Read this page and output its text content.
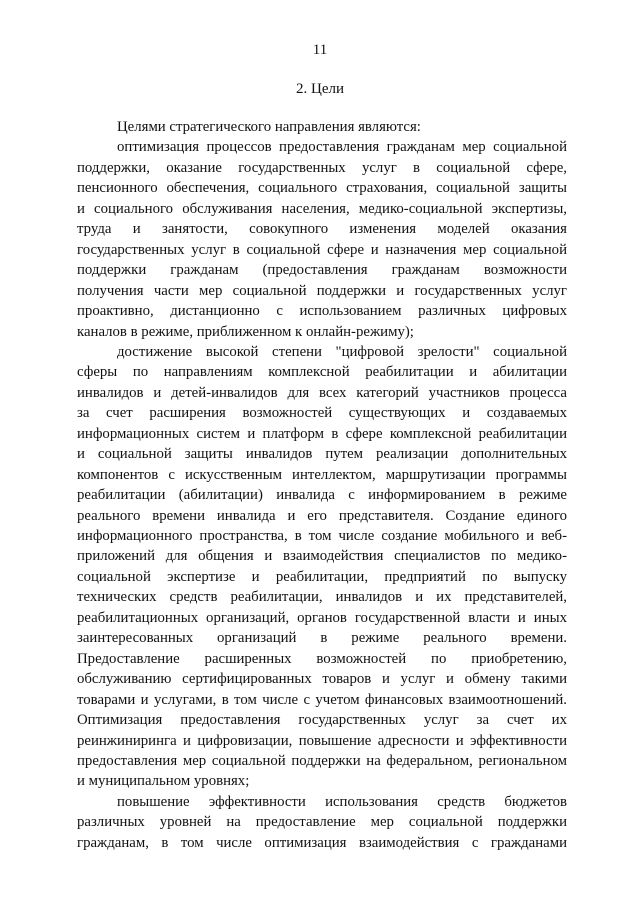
11
2. Цели
Целями стратегического направления являются:
оптимизация процессов предоставления гражданам мер социальной
поддержки, оказание государственных услуг в социальной сфере,
пенсионного обеспечения, социального страхования, социальной защиты
и социального обслуживания населения, медико-социальной экспертизы,
труда и занятости, совокупного изменения моделей оказания
государственных услуг в социальной сфере и назначения мер социальной
поддержки гражданам (предоставления гражданам возможности
получения части мер социальной поддержки и государственных услуг
проактивно, дистанционно с использованием различных цифровых
каналов в режиме, приближенном к онлайн-режиму);
достижение высокой степени "цифровой зрелости" социальной
сферы по направлениям комплексной реабилитации и абилитации
инвалидов и детей-инвалидов для всех категорий участников процесса
за счет расширения возможностей существующих и создаваемых
информационных систем и платформ в сфере комплексной реабилитации
и социальной защиты инвалидов путем реализации дополнительных
компонентов с искусственным интеллектом, маршрутизации программы
реабилитации (абилитации) инвалида с информированием в режиме
реального времени инвалида и его представителя. Создание единого
информационного пространства, в том числе создание мобильного и веб-
приложений для общения и взаимодействия специалистов по медико-
социальной экспертизе и реабилитации, предприятий по выпуску
технических средств реабилитации, инвалидов и их представителей,
реабилитационных организаций, органов государственной власти и иных
заинтересованных организаций в режиме реального времени.
Предоставление расширенных возможностей по приобретению,
обслуживанию сертифицированных товаров и услуг и обмену такими
товарами и услугами, в том числе с учетом финансовых взаимоотношений.
Оптимизация предоставления государственных услуг за счет их
реинжиниринга и цифровизации, повышение адресности и эффективности
предоставления мер социальной поддержки на федеральном, региональном
и муниципальном уровнях;
повышение эффективности использования средств бюджетов
различных уровней на предоставление мер социальной поддержки
гражданам, в том числе оптимизация взаимодействия с гражданами
